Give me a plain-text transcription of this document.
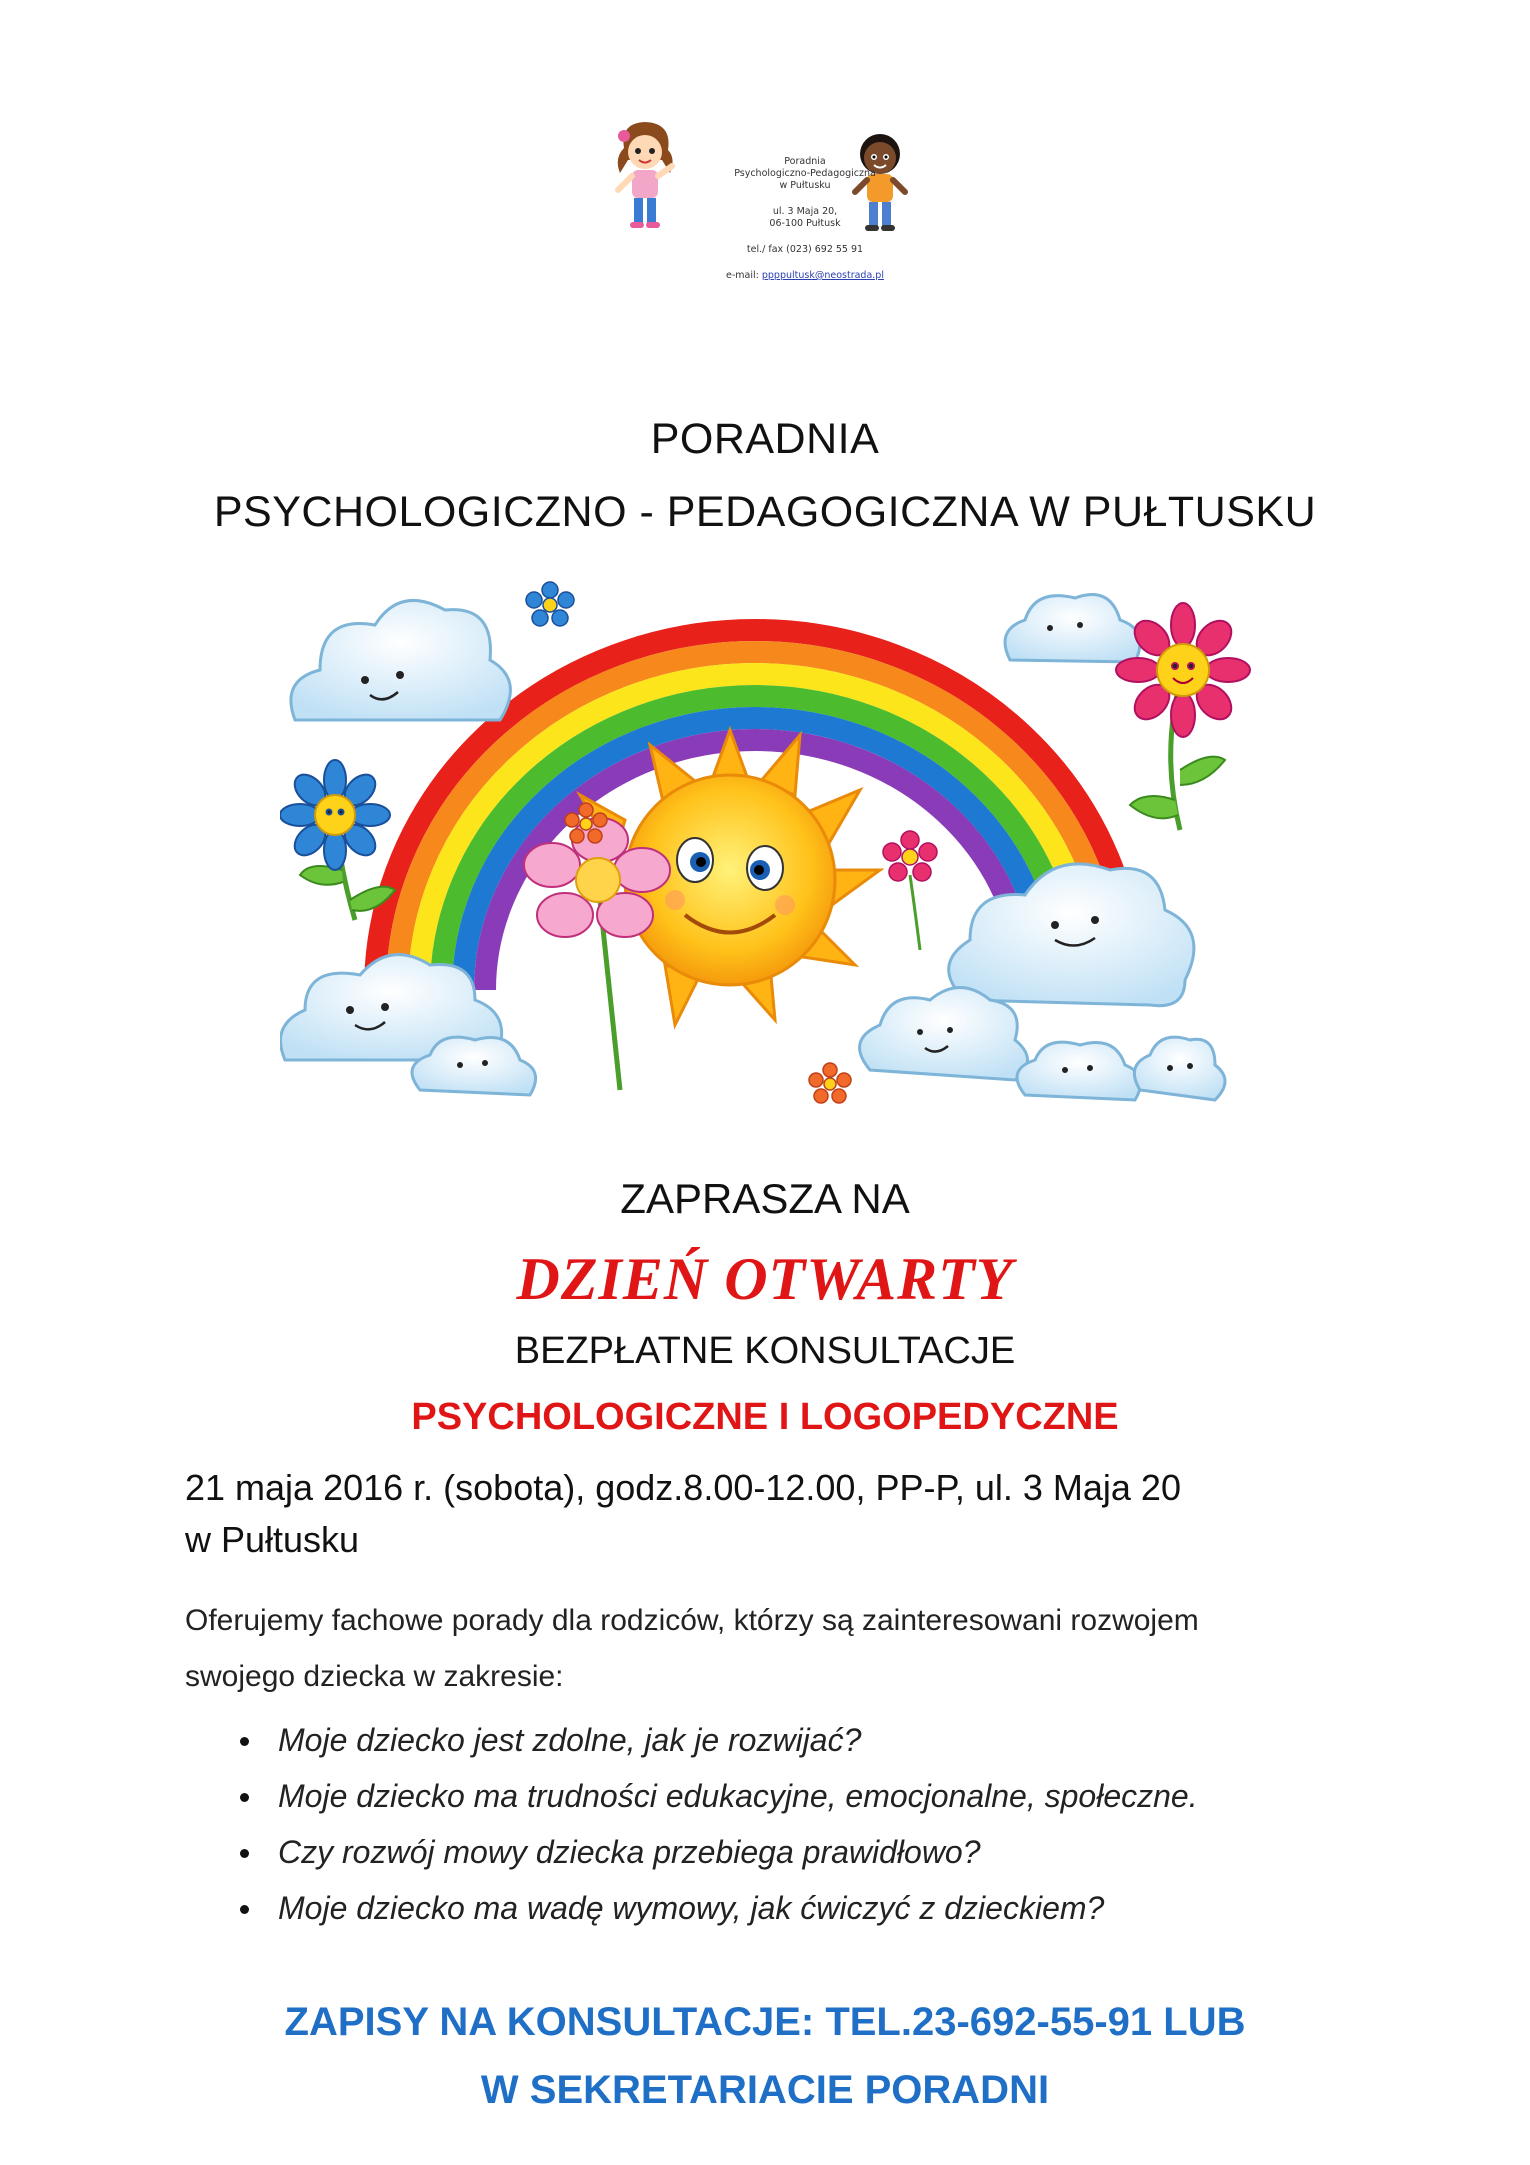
Poradnia
Psychologiczno-Pedagogiczna
w Pułtusku
ul. 3 Maja 20,
06-100 Pułtusk
tel./ fax (023) 692 55 91
e-mail: ppppultusk@neostrada.pl
PORADNIA
PSYCHOLOGICZNO - PEDAGOGICZNA W PUŁTUSKU
ZAPRASZA NA
DZIEŃ OTWARTY
BEZPŁATNE KONSULTACJE
PSYCHOLOGICZNE I LOGOPEDYCZNE
21 maja 2016 r. (sobota), godz.8.00-12.00, PP-P, ul. 3 Maja 20
w Pułtusku
Oferujemy fachowe porady dla rodziców, którzy są zainteresowani rozwojem
swojego dziecka w zakresie:
Moje dziecko jest zdolne, jak je rozwijać?
Moje dziecko ma trudności edukacyjne, emocjonalne, społeczne.
Czy rozwój mowy dziecka przebiega prawidłowo?
Moje dziecko ma wadę wymowy, jak ćwiczyć z dzieckiem?
ZAPISY NA KONSULTACJE: TEL.23-692-55-91 LUB
W SEKRETARIACIE PORADNI
